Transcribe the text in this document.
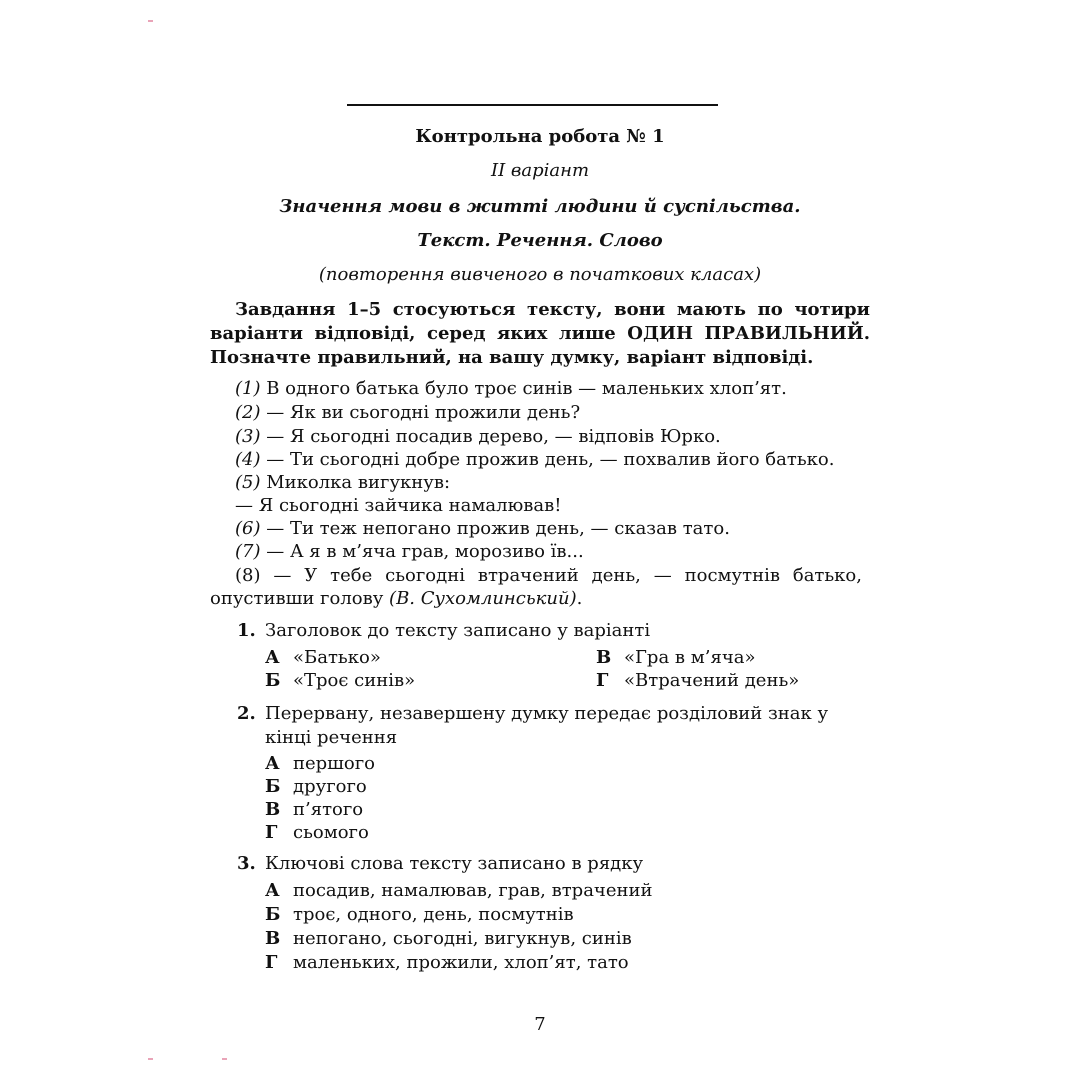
Контрольна робота № 1
II варіант
Значення мови в житті людини й суспільства.
Текст. Речення. Слово
(повторення вивченого в початкових класах)
Завдання 1–5 стосуються тексту, вони мають по чотири варіанти відповіді, серед яких лише ОДИН ПРАВИЛЬНИЙ. Позначте правильний, на вашу думку, варіант відповіді.
(1) В одного батька було троє синів — маленьких хлоп’ят.
(2) — Як ви сьогодні прожили день?
(3) — Я сьогодні посадив дерево, — відповів Юрко.
(4) — Ти сьогодні добре прожив день, — похвалив його батько.
(5) Миколка вигукнув:
— Я сьогодні зайчика намалював!
(6) — Ти теж непогано прожив день, — сказав тато.
(7) — А я в м’яча грав, морозиво їв...
(8) — У тебе сьогодні втрачений день, — посмутнів батько, опустивши голову (В. Сухомлинський).
1. Заголовок до тексту записано у варіанті
А «Батько»
Б «Троє синів»
В «Гра в м’яча»
Г «Втрачений день»
2. Перервану, незавершену думку передає розділовий знак у кінці речення
А першого
Б другого
В п’ятого
Г сьомого
3. Ключові слова тексту записано в рядку
А посадив, намалював, грав, втрачений
Б троє, одного, день, посмутнів
В непогано, сьогодні, вигукнув, синів
Г маленьких, прожили, хлоп’ят, тато
7
